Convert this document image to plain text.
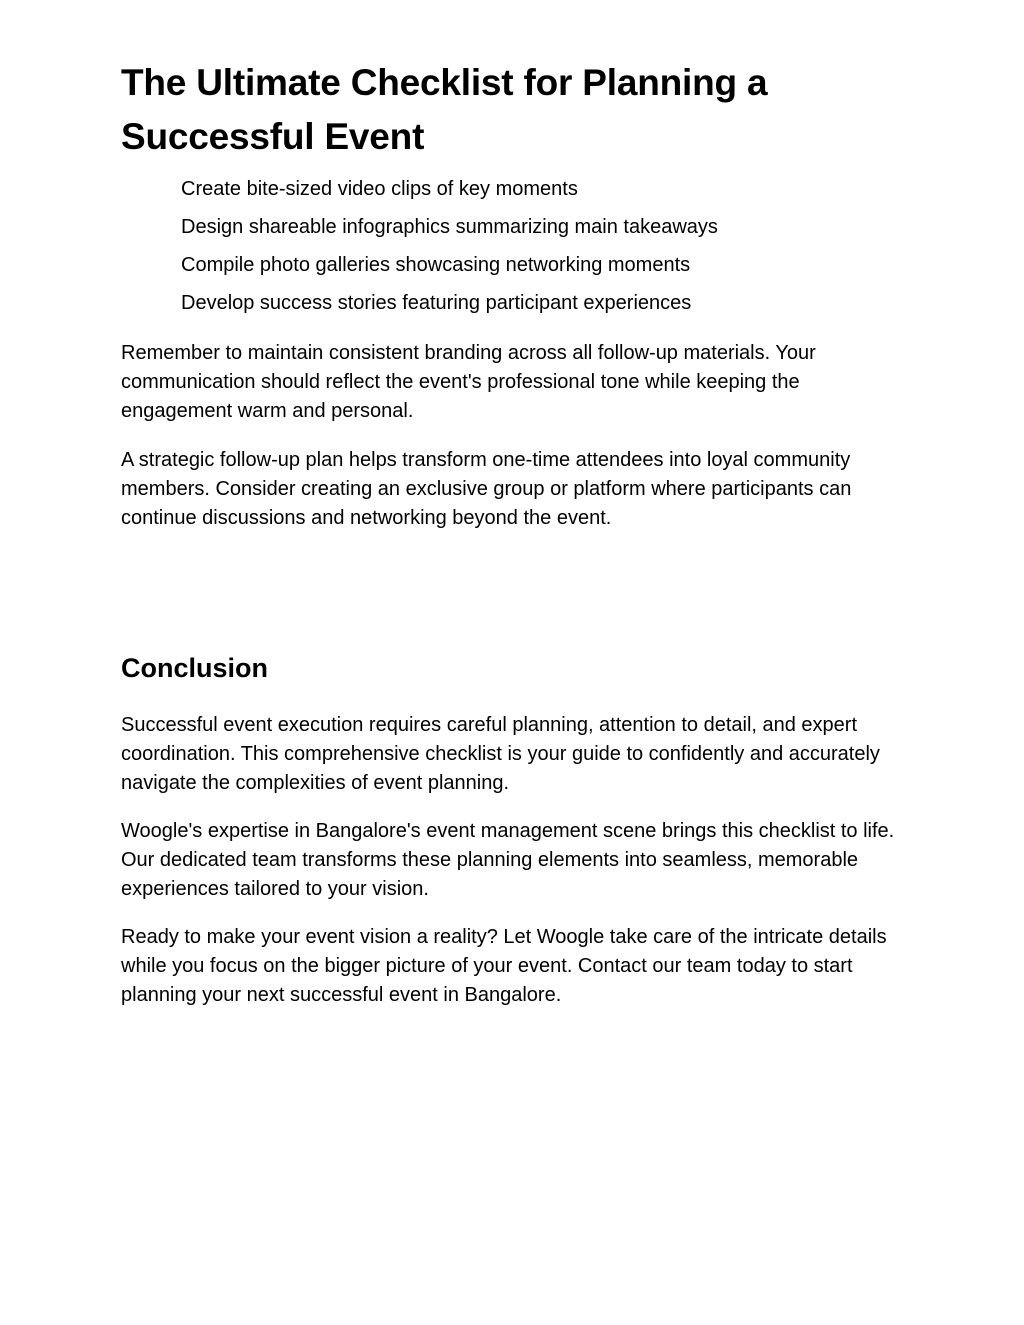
The Ultimate Checklist for Planning a Successful Event
Create bite-sized video clips of key moments
Design shareable infographics summarizing main takeaways
Compile photo galleries showcasing networking moments
Develop success stories featuring participant experiences

Remember to maintain consistent branding across all follow-up materials. Your communication should reflect the event's professional tone while keeping the engagement warm and personal.

A strategic follow-up plan helps transform one-time attendees into loyal community members. Consider creating an exclusive group or platform where participants can continue discussions and networking beyond the event.

Conclusion

Successful event execution requires careful planning, attention to detail, and expert coordination. This comprehensive checklist is your guide to confidently and accurately navigate the complexities of event planning.

Woogle's expertise in Bangalore's event management scene brings this checklist to life. Our dedicated team transforms these planning elements into seamless, memorable experiences tailored to your vision.

Ready to make your event vision a reality? Let Woogle take care of the intricate details while you focus on the bigger picture of your event. Contact our team today to start planning your next successful event in Bangalore.
